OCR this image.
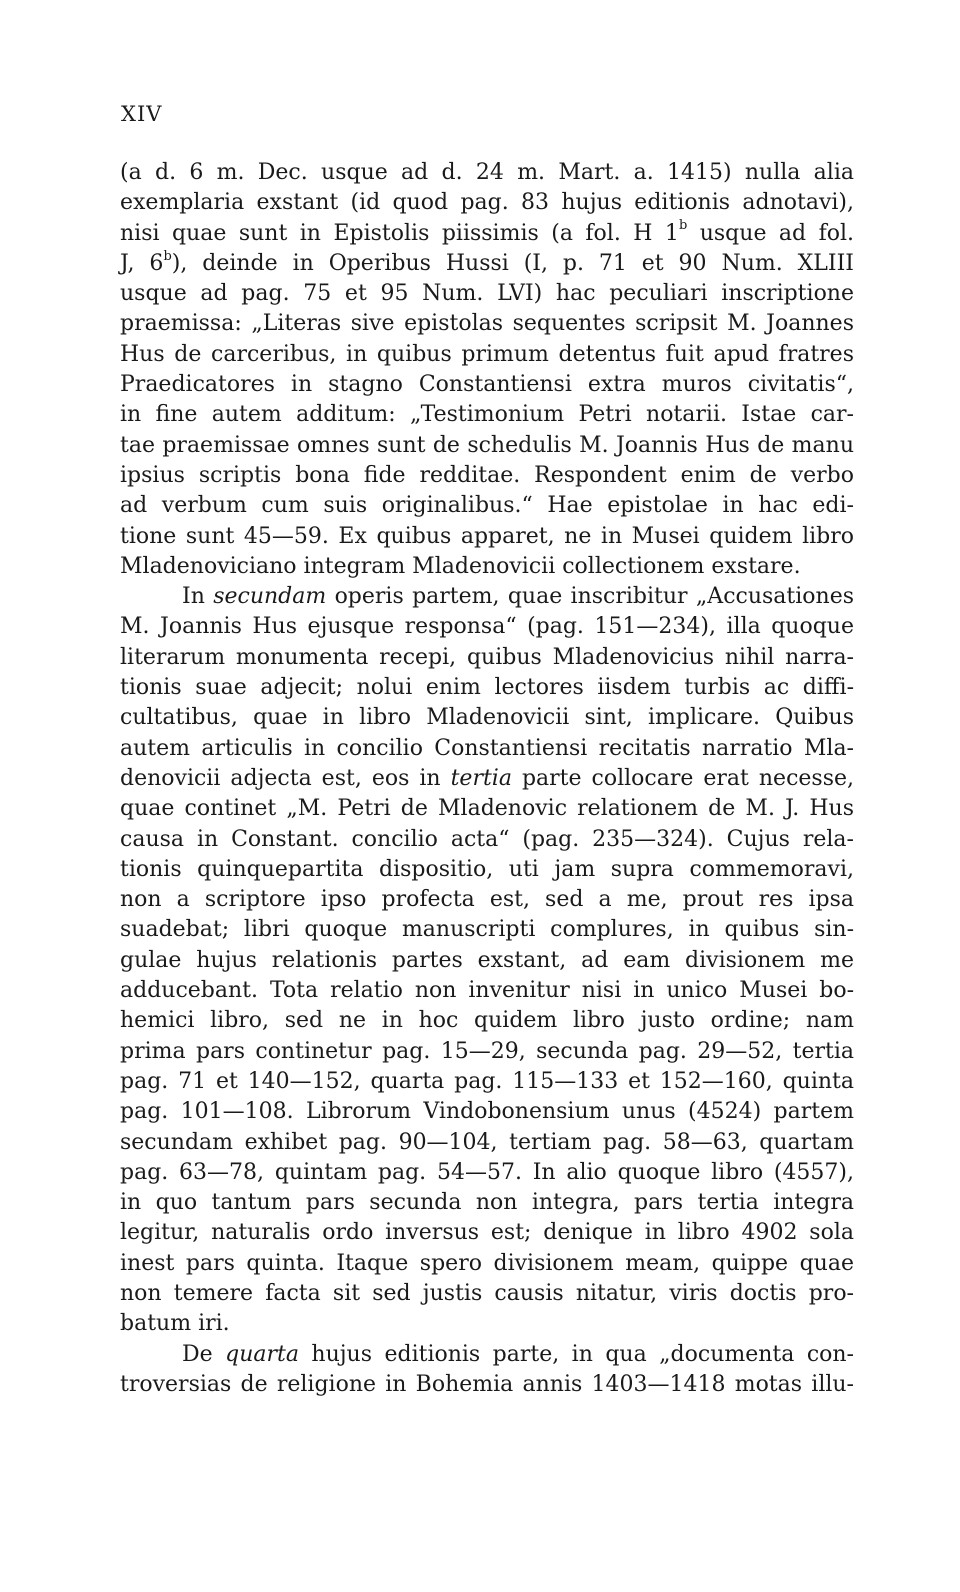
XIV
(a d. 6 m. Dec. usque ad d. 24 m. Mart. a. 1415) nulla alia
exemplaria exstant (id quod pag. 83 hujus editionis adnotavi),
nisi quae sunt in Epistolis piissimis (a fol. H 1$^b$ usque ad fol.
J, 6$^b$), deinde in Operibus Hussi (I, p. 71 et 90 Num. XLIII
usque ad pag. 75 et 95 Num. LVI) hac peculiari inscriptione
praemissa: „Literas sive epistolas sequentes scripsit M. Joannes
Hus de carceribus, in quibus primum detentus fuit apud fratres
Praedicatores in stagno Constantiensi extra muros civitatis“,
in fine autem additum: „Testimonium Petri notarii. Istae car-
tae praemissae omnes sunt de schedulis M. Joannis Hus de manu
ipsius scriptis bona fide redditae. Respondent enim de verbo
ad verbum cum suis originalibus.“ Hae epistolae in hac edi-
tione sunt 45—59. Ex quibus apparet, ne in Musei quidem libro
Mladenoviciano integram Mladenovicii collectionem exstare.
In secundam operis partem, quae inscribitur „Accusationes
M. Joannis Hus ejusque responsa“ (pag. 151—234), illa quoque
literarum monumenta recepi, quibus Mladenovicius nihil narra-
tionis suae adjecit; nolui enim lectores iisdem turbis ac diffi-
cultatibus, quae in libro Mladenovicii sint, implicare. Quibus
autem articulis in concilio Constantiensi recitatis narratio Mla-
denovicii adjecta est, eos in tertia parte collocare erat necesse,
quae continet „M. Petri de Mladenovic relationem de M. J. Hus
causa in Constant. concilio acta“ (pag. 235—324). Cujus rela-
tionis quinquepartita dispositio, uti jam supra commemoravi,
non a scriptore ipso profecta est, sed a me, prout res ipsa
suadebat; libri quoque manuscripti complures, in quibus sin-
gulae hujus relationis partes exstant, ad eam divisionem me
adducebant. Tota relatio non invenitur nisi in unico Musei bo-
hemici libro, sed ne in hoc quidem libro justo ordine; nam
prima pars continetur pag. 15—29, secunda pag. 29—52, tertia
pag. 71 et 140—152, quarta pag. 115—133 et 152—160, quinta
pag. 101—108. Librorum Vindobonensium unus (4524) partem
secundam exhibet pag. 90—104, tertiam pag. 58—63, quartam
pag. 63—78, quintam pag. 54—57. In alio quoque libro (4557),
in quo tantum pars secunda non integra, pars tertia integra
legitur, naturalis ordo inversus est; denique in libro 4902 sola
inest pars quinta. Itaque spero divisionem meam, quippe quae
non temere facta sit sed justis causis nitatur, viris doctis pro-
batum iri.
De quarta hujus editionis parte, in qua „documenta con-
troversias de religione in Bohemia annis 1403—1418 motas illu-
